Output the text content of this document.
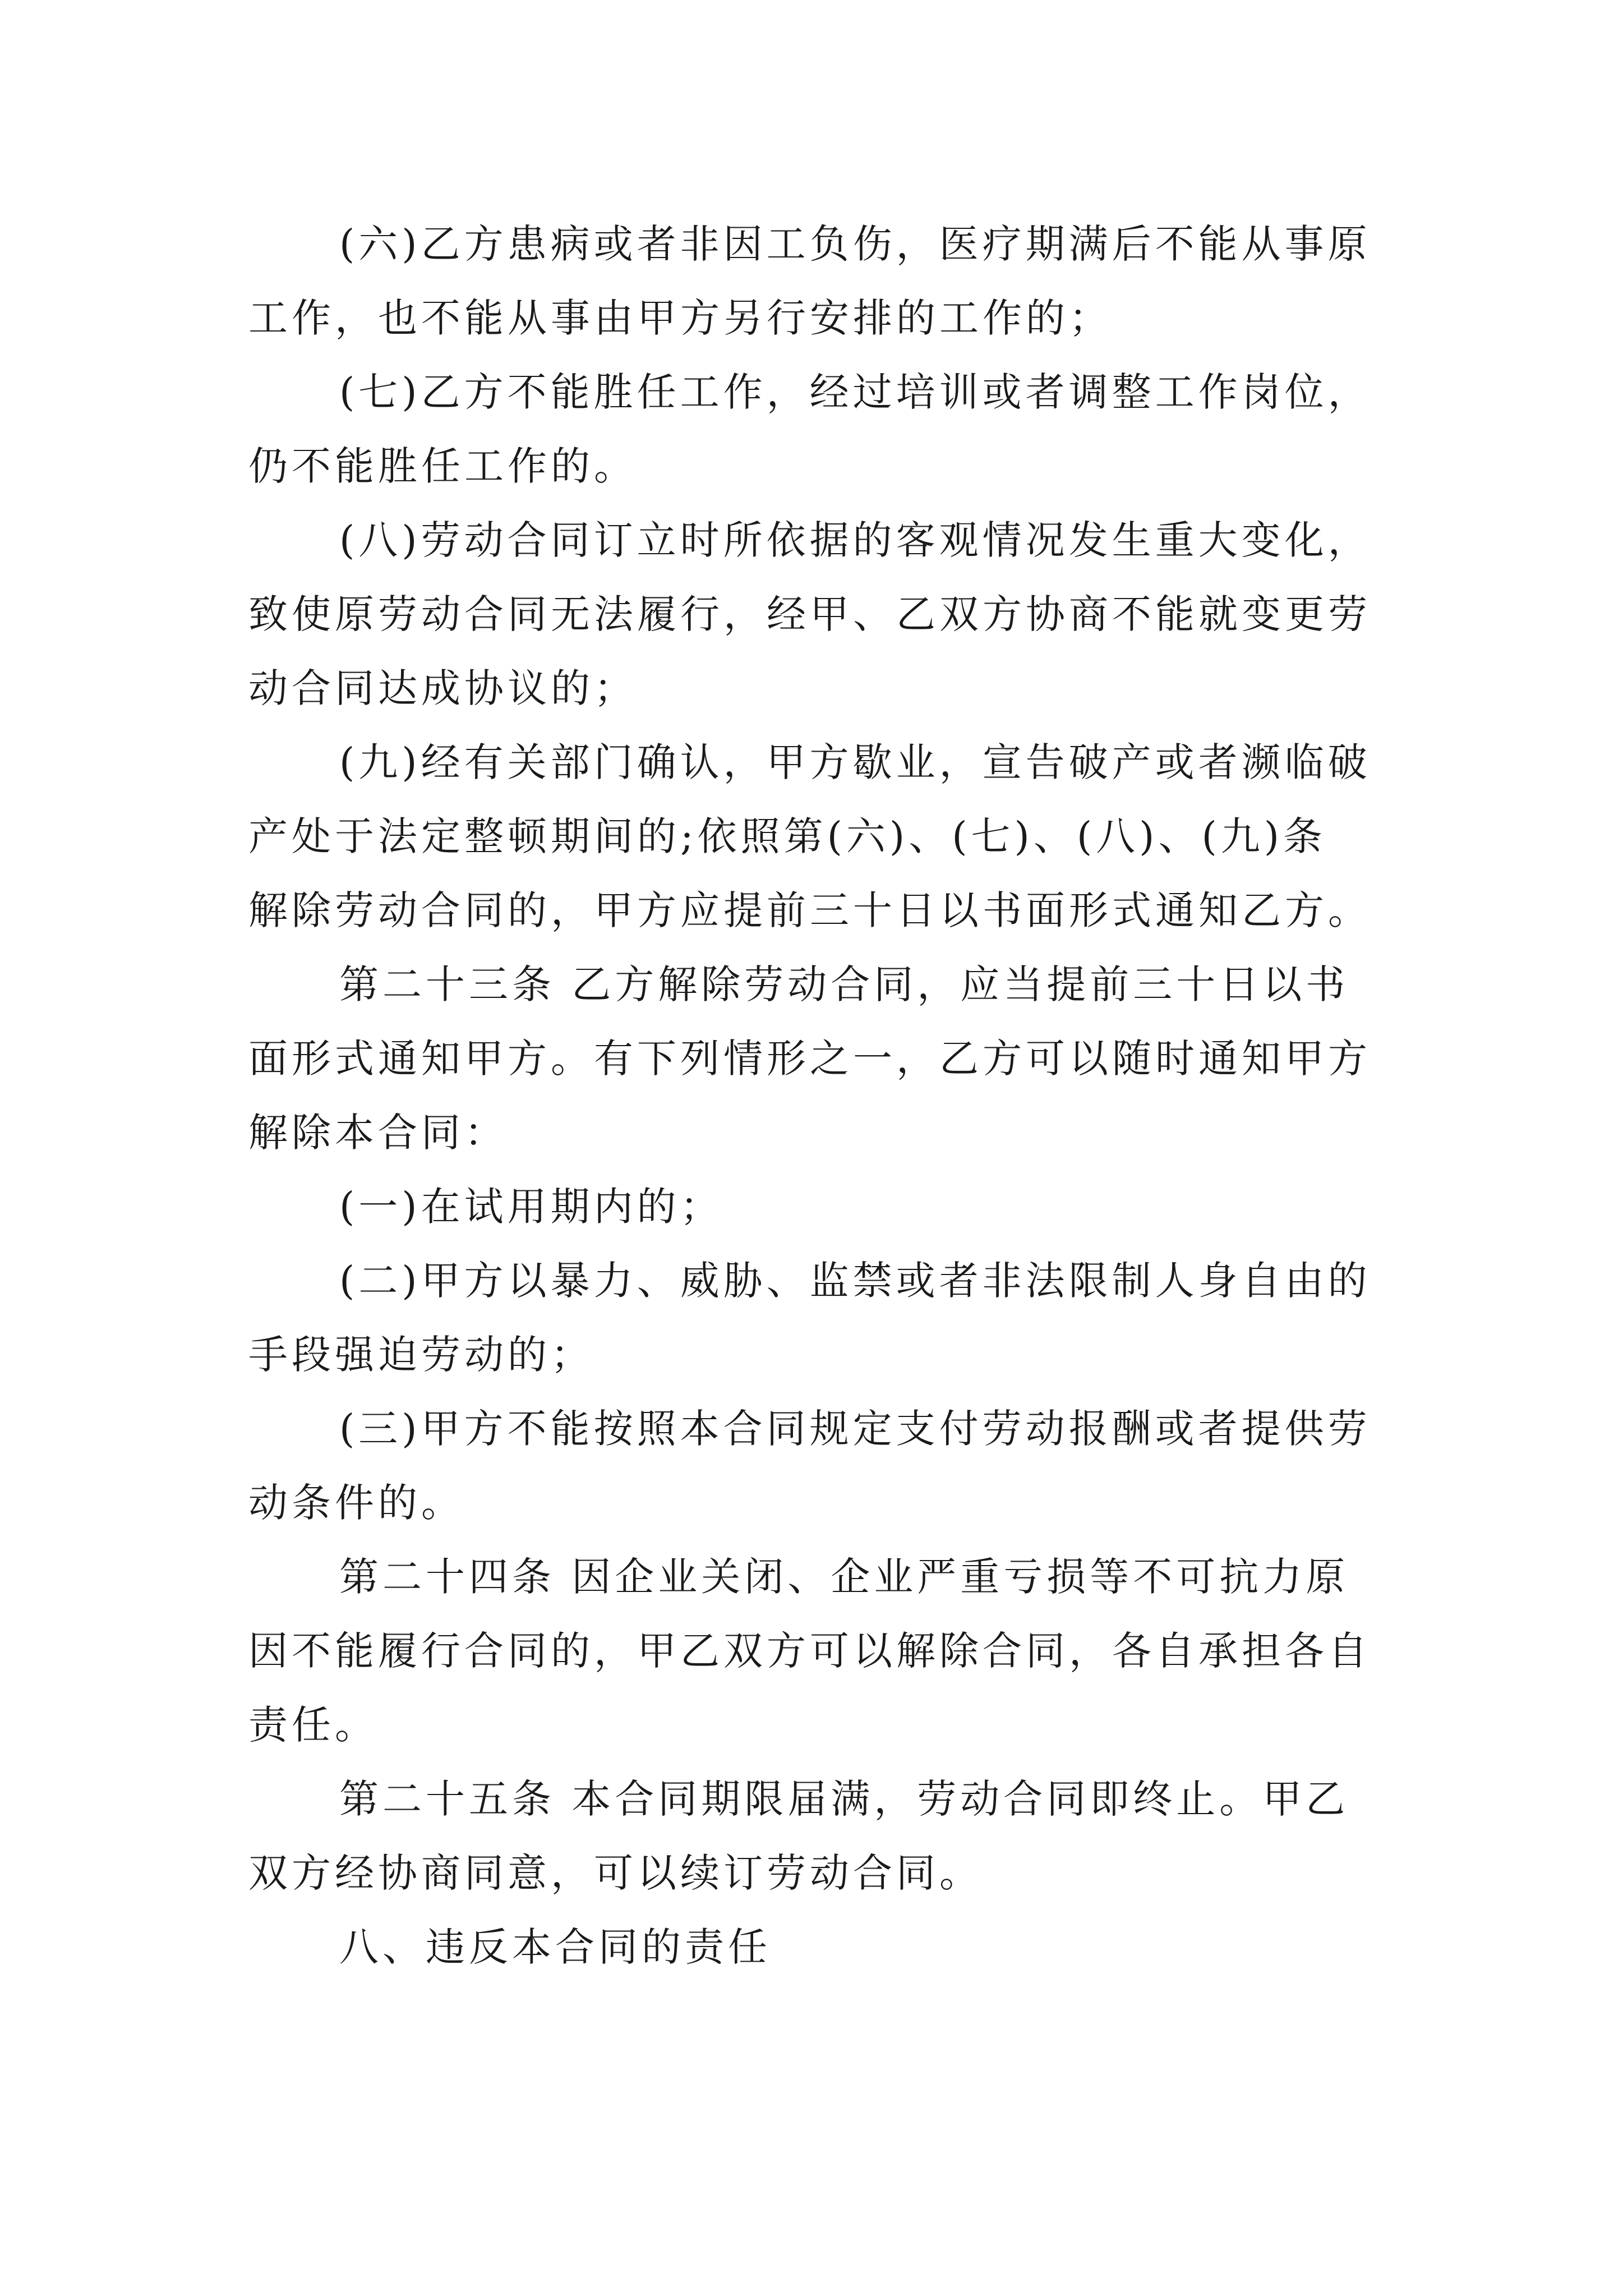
(六)乙方患病或者非因工负伤，医疗期满后不能从事原
工作，也不能从事由甲方另行安排的工作的；
(七)乙方不能胜任工作，经过培训或者调整工作岗位，
仍不能胜任工作的。
(八)劳动合同订立时所依据的客观情况发生重大变化，
致使原劳动合同无法履行，经甲、乙双方协商不能就变更劳
动合同达成协议的；
(九)经有关部门确认，甲方歇业，宣告破产或者濒临破
产处于法定整顿期间的;依照第(六)、(七)、(八)、(九)条
解除劳动合同的，甲方应提前三十日以书面形式通知乙方。
第二十三条 乙方解除劳动合同，应当提前三十日以书
面形式通知甲方。有下列情形之一，乙方可以随时通知甲方
解除本合同：
(一)在试用期内的；
(二)甲方以暴力、威胁、监禁或者非法限制人身自由的
手段强迫劳动的；
(三)甲方不能按照本合同规定支付劳动报酬或者提供劳
动条件的。
第二十四条 因企业关闭、企业严重亏损等不可抗力原
因不能履行合同的，甲乙双方可以解除合同，各自承担各自
责任。
第二十五条 本合同期限届满，劳动合同即终止。甲乙
双方经协商同意，可以续订劳动合同。
八、违反本合同的责任
